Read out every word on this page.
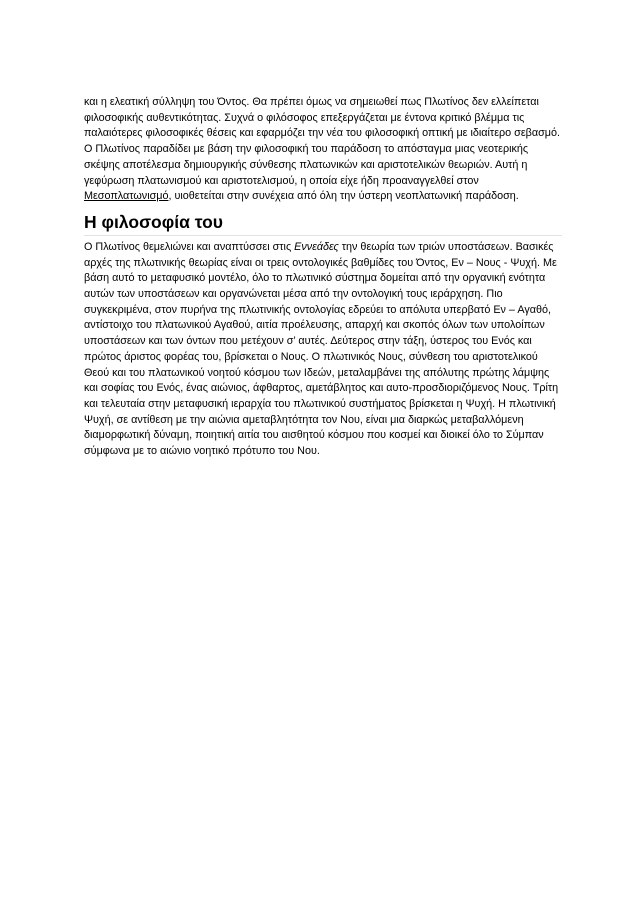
και η ελεατική σύλληψη του Όντος. Θα πρέπει όμως να σημειωθεί πως Πλωτίνος δεν ελλείπεται φιλοσοφικής αυθεντικότητας. Συχνά ο φιλόσοφος επεξεργάζεται με έντονα κριτικό βλέμμα τις παλαιότερες φιλοσοφικές θέσεις και εφαρμόζει την νέα του φιλοσοφική οπτική με ιδιαίτερο σεβασμό. Ο Πλωτίνος παραδίδει με βάση την φιλοσοφική του παράδοση το απόσταγμα μιας νεοτερικής σκέψης αποτέλεσμα δημιουργικής σύνθεσης πλατωνικών και αριστοτελικών θεωριών. Αυτή η γεφύρωση πλατωνισμού και αριστοτελισμού, η οποία είχε ήδη προαναγγελθεί στον Μεσοπλατωνισμό, υιοθετείται στην συνέχεια από όλη την ύστερη νεοπλατωνική παράδοση.

Η φιλοσοφία του

Ο Πλωτίνος θεμελιώνει και αναπτύσσει στις Εννεάδες την θεωρία των τριών υποστάσεων. Βασικές αρχές της πλωτινικής θεωρίας είναι οι τρεις οντολογικές βαθμίδες του Όντος, Εν – Νους - Ψυχή. Με βάση αυτό το μεταφυσικό μοντέλο, όλο το πλωτινικό σύστημα δομείται από την οργανική ενότητα αυτών των υποστάσεων και οργανώνεται μέσα από την οντολογική τους ιεράρχηση. Πιο συγκεκριμένα, στον πυρήνα της πλωτινικής οντολογίας εδρεύει το απόλυτα υπερβατό Εν – Αγαθό, αντίστοιχο του πλατωνικού Αγαθού, αιτία προέλευσης, απαρχή και σκοπός όλων των υπολοίπων υποστάσεων και των όντων που μετέχουν σ’ αυτές. Δεύτερος στην τάξη, ύστερος του Ενός και πρώτος άριστος φορέας του, βρίσκεται ο Νους. Ο πλωτινικός Νους, σύνθεση του αριστοτελικού Θεού και του πλατωνικού νοητού κόσμου των Ιδεών, μεταλαμβάνει της απόλυτης πρώτης λάμψης και σοφίας του Ενός, ένας αιώνιος, άφθαρτος, αμετάβλητος και αυτο-προσδιοριζόμενος Νους. Τρίτη και τελευταία στην μεταφυσική ιεραρχία του πλωτινικού συστήματος βρίσκεται η Ψυχή. Η πλωτινική Ψυχή, σε αντίθεση με την αιώνια αμεταβλητότητα τον Νου, είναι μια διαρκώς μεταβαλλόμενη διαμορφωτική δύναμη, ποιητική αιτία του αισθητού κόσμου που κοσμεί και διοικεί όλο το Σύμπαν σύμφωνα με το αιώνιο νοητικό πρότυπο του Νου.
